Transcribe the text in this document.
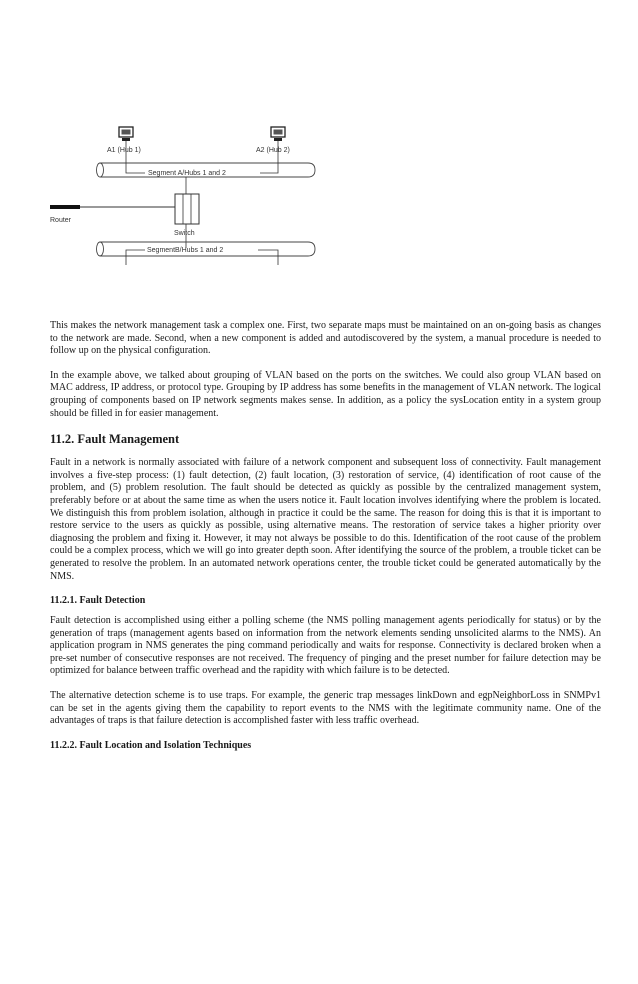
A1 (Hub 1)	A2 (Hub 2)
Segment A/Hubs 1 and 2
Switch
Router
SegmentB/Hubs 1 and 2

This makes the network management task a complex one. First, two separate maps must be maintained on an on-going basis as changes to the network are made. Second, when a new component is added and autodiscovered by the system, a manual procedure is needed to follow up on the physical configuration.

In the example above, we talked about grouping of VLAN based on the ports on the switches. We could also group VLAN based on MAC address, IP address, or protocol type. Grouping by IP address has some benefits in the management of VLAN network. The logical grouping of components based on IP network segments makes sense. In addition, as a policy the sysLocation entity in a system group should be filled in for easier management.

11.2. Fault Management

Fault in a network is normally associated with failure of a network component and subsequent loss of connectivity. Fault management involves a five-step process: (1) fault detection, (2) fault location, (3) restoration of service, (4) identification of root cause of the problem, and (5) problem resolution. The fault should be detected as quickly as possible by the centralized management system, preferably before or at about the same time as when the users notice it. Fault location involves identifying where the problem is located. We distinguish this from problem isolation, although in practice it could be the same. The reason for doing this is that it is important to restore service to the users as quickly as possible, using alternative means. The restoration of service takes a higher priority over diagnosing the problem and fixing it. However, it may not always be possible to do this. Identification of the root cause of the problem could be a complex process, which we will go into greater depth soon. After identifying the source of the problem, a trouble ticket can be generated to resolve the problem. In an automated network operations center, the trouble ticket could be generated automatically by the NMS.

11.2.1. Fault Detection

Fault detection is accomplished using either a polling scheme (the NMS polling management agents periodically for status) or by the generation of traps (management agents based on information from the network elements sending unsolicited alarms to the NMS). An application program in NMS generates the ping command periodically and waits for response. Connectivity is declared broken when a pre-set number of consecutive responses are not received. The frequency of pinging and the preset number for failure detection may be optimized for balance between traffic overhead and the rapidity with which failure is to be detected.

The alternative detection scheme is to use traps. For example, the generic trap messages linkDown and egpNeighborLoss in SNMPv1 can be set in the agents giving them the capability to report events to the NMS with the legitimate community name. One of the advantages of traps is that failure detection is accomplished faster with less traffic overhead.

11.2.2. Fault Location and Isolation Techniques
